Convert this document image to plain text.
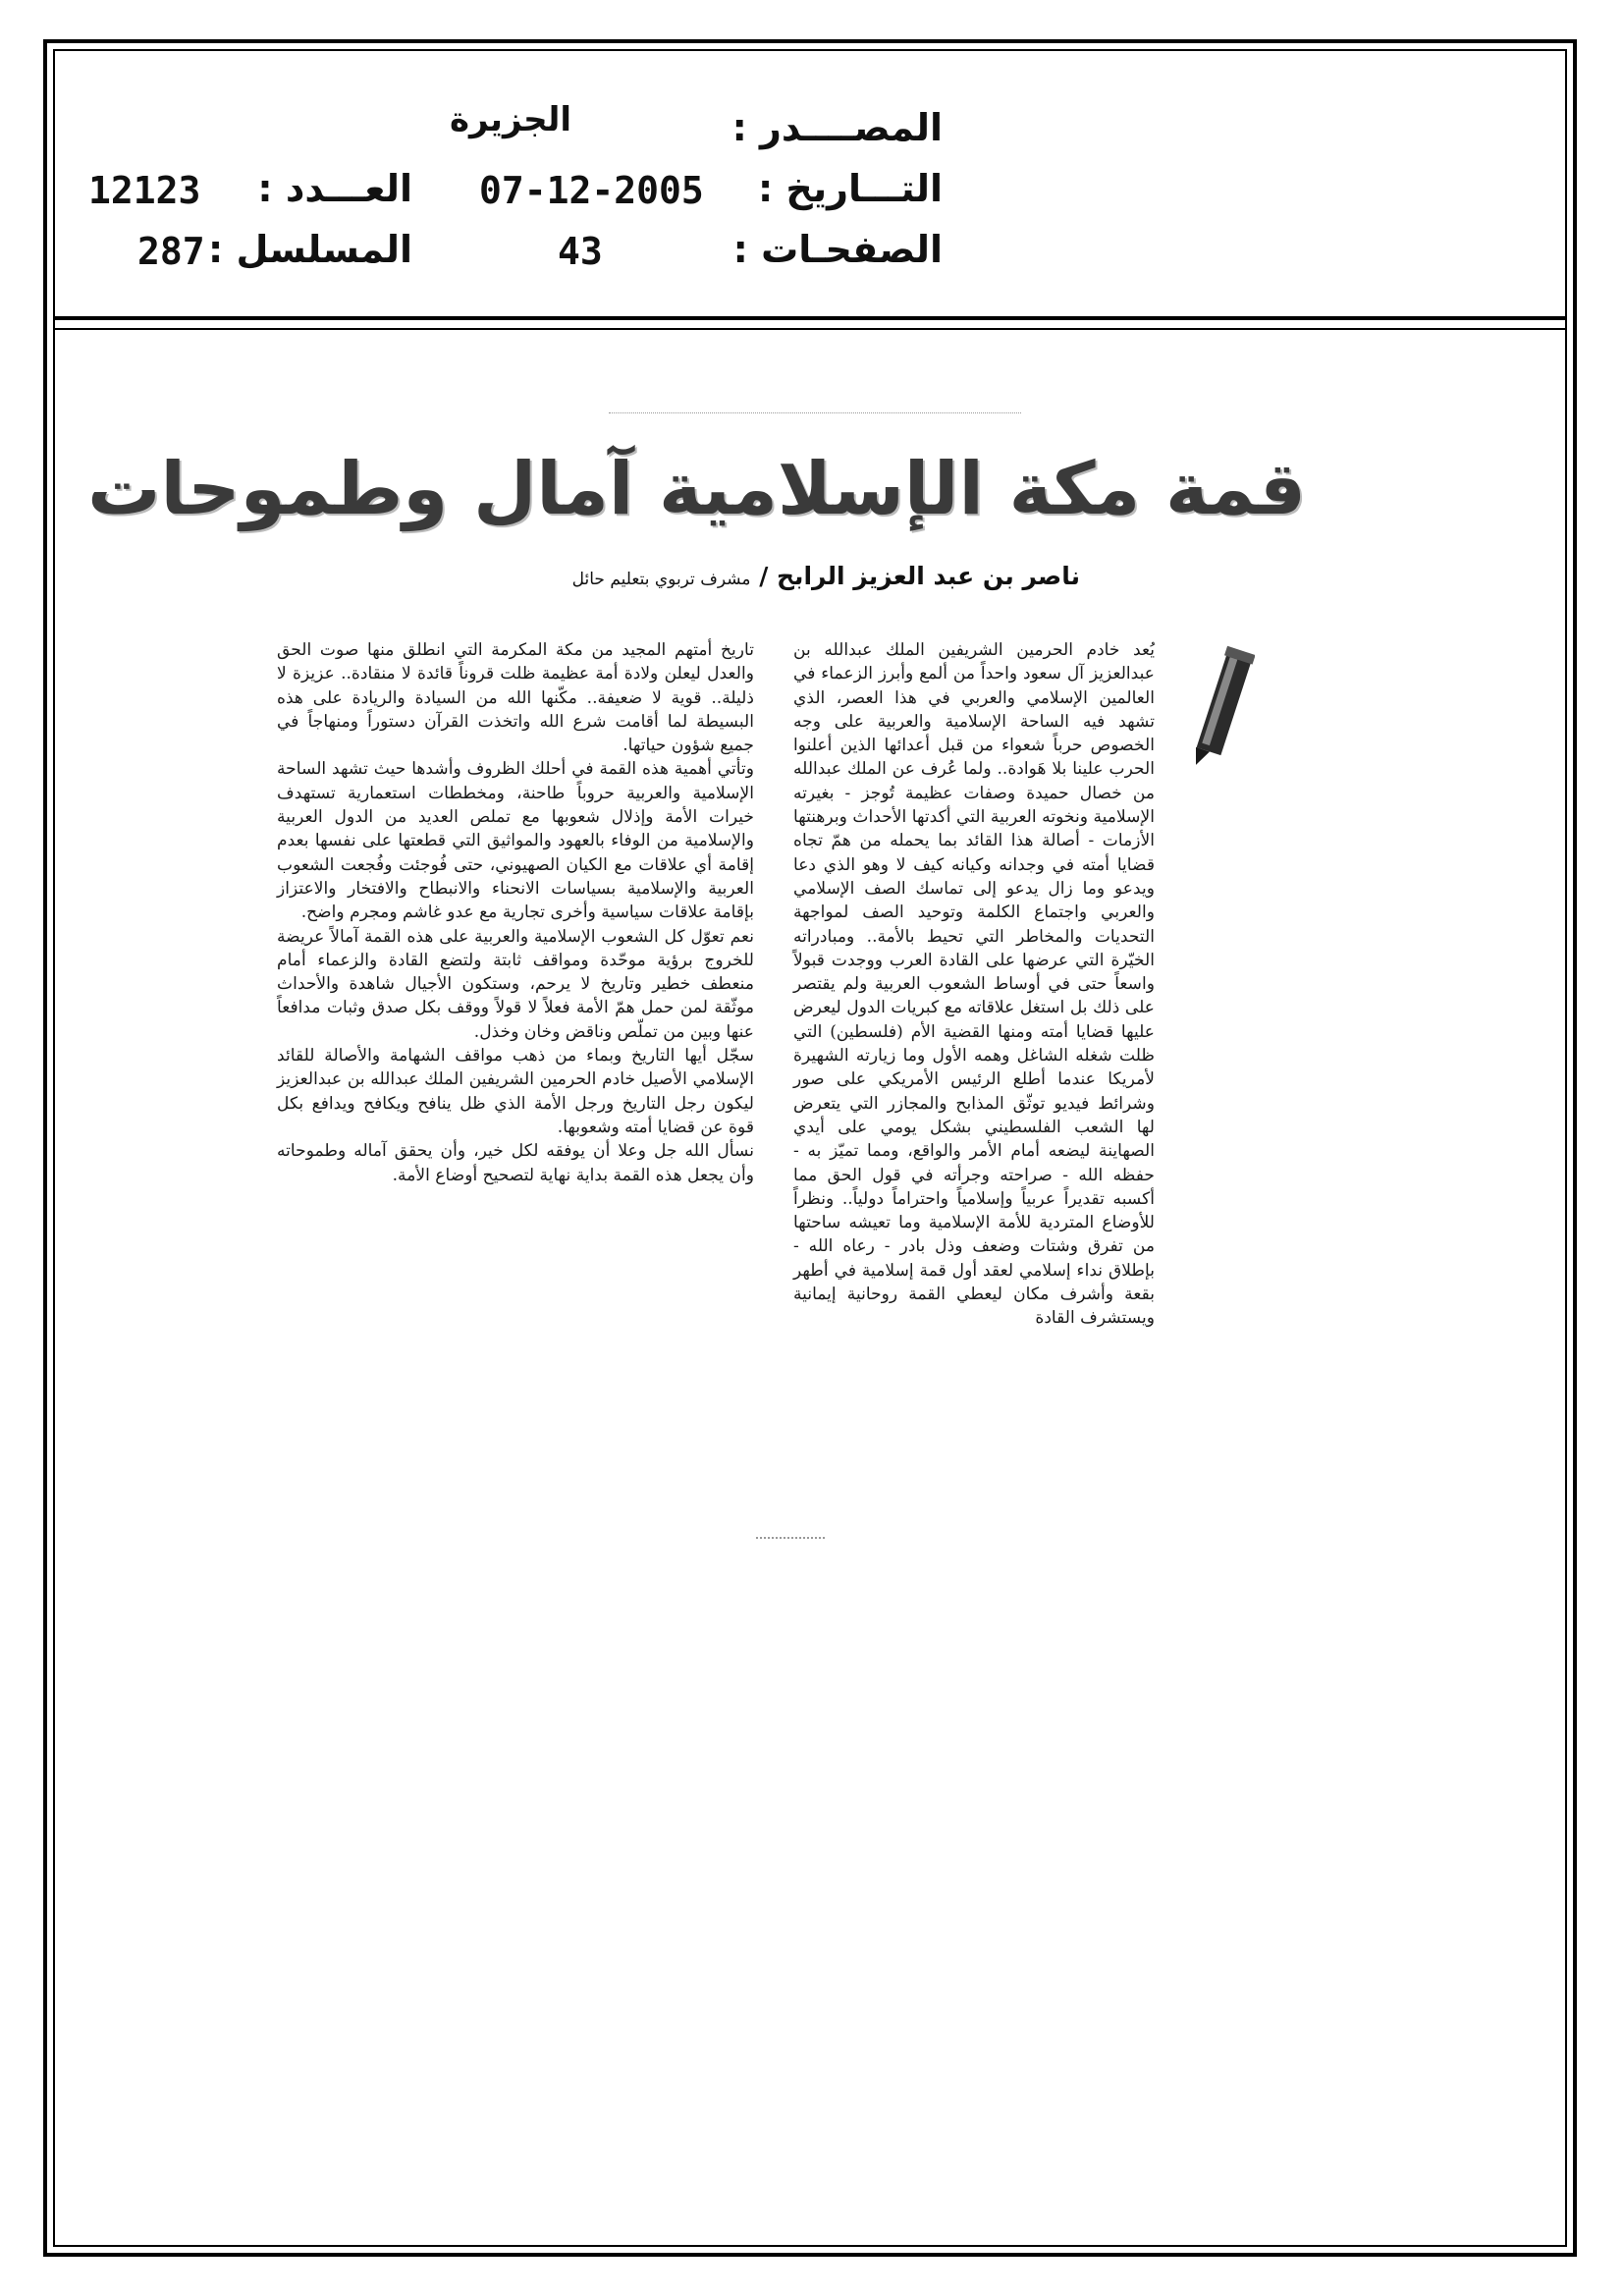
المصــــدر :
الجزيرة
التـــاريخ :
07-12-2005
العـــدد :
12123
الصفحـات :
43
المسلسل :
287
قمة مكة الإسلامية آمال وطموحات
ناصر بن عبد العزيز الرابح / مشرف تربوي بتعليم حائل

يُعد خادم الحرمين الشريفين الملك عبدالله بن عبدالعزيز آل سعود واحداً من ألمع وأبرز الزعماء في العالمين الإسلامي والعربي في هذا العصر، الذي تشهد فيه الساحة الإسلامية والعربية على وجه الخصوص حرباً شعواء من قبل أعدائها الذين أعلنوا الحرب علينا بلا هَوادة.. ولما عُرف عن الملك عبدالله من خصال حميدة وصفات عظيمة تُوجز - بغيرته الإسلامية ونخوته العربية التي أكدتها الأحداث وبرهنتها الأزمات - أصالة هذا القائد بما يحمله من همّ تجاه قضايا أمته في وجدانه وكيانه كيف لا وهو الذي دعا ويدعو وما زال يدعو إلى تماسك الصف الإسلامي والعربي واجتماع الكلمة وتوحيد الصف لمواجهة التحديات والمخاطر التي تحيط بالأمة.. ومبادراته الخيّرة التي عرضها على القادة العرب ووجدت قبولاً واسعاً حتى في أوساط الشعوب العربية ولم يقتصر على ذلك بل استغل علاقاته مع كبريات الدول ليعرض عليها قضايا أمته ومنها القضية الأم (فلسطين) التي ظلت شغله الشاغل وهمه الأول وما زيارته الشهيرة لأمريكا عندما أطلع الرئيس الأمريكي على صور وشرائط فيديو توثّق المذابح والمجازر التي يتعرض لها الشعب الفلسطيني بشكل يومي على أيدي الصهاينة ليضعه أمام الأمر والواقع، ومما تميّز به - حفظه الله - صراحته وجرأته في قول الحق مما أكسبه تقديراً عربياً وإسلامياً واحتراماً دولياً.. ونظراً للأوضاع المتردية للأمة الإسلامية وما تعيشه ساحتها من تفرق وشتات وضعف وذل بادر - رعاه الله - بإطلاق نداء إسلامي لعقد أول قمة إسلامية في أطهر بقعة وأشرف مكان ليعطي القمة روحانية إيمانية ويستشرف القادة

تاريخ أمتهم المجيد من مكة المكرمة التي انطلق منها صوت الحق والعدل ليعلن ولادة أمة عظيمة ظلت قروناً قائدة لا منقادة.. عزيزة لا ذليلة.. قوية لا ضعيفة.. مكّنها الله من السيادة والريادة على هذه البسيطة لما أقامت شرع الله واتخذت القرآن دستوراً ومنهاجاً في جميع شؤون حياتها.

وتأتي أهمية هذه القمة في أحلك الظروف وأشدها حيث تشهد الساحة الإسلامية والعربية حروباً طاحنة، ومخططات استعمارية تستهدف خيرات الأمة وإذلال شعوبها مع تملص العديد من الدول العربية والإسلامية من الوفاء بالعهود والمواثيق التي قطعتها على نفسها بعدم إقامة أي علاقات مع الكيان الصهيوني، حتى فُوجئت وفُجعت الشعوب العربية والإسلامية بسياسات الانحناء والانبطاح والافتخار والاعتزاز بإقامة علاقات سياسية وأخرى تجارية مع عدو غاشم ومجرم واضح.

نعم تعوّل كل الشعوب الإسلامية والعربية على هذه القمة آمالاً عريضة للخروج برؤية موحّدة ومواقف ثابتة ولتضع القادة والزعماء أمام منعطف خطير وتاريخ لا يرحم، وستكون الأجيال شاهدة والأحداث موثّقة لمن حمل همّ الأمة فعلاً لا قولاً ووقف بكل صدق وثبات مدافعاً عنها وبين من تملّص وناقض وخان وخذل.

سجّل أيها التاريخ وبماء من ذهب مواقف الشهامة والأصالة للقائد الإسلامي الأصيل خادم الحرمين الشريفين الملك عبدالله بن عبدالعزيز ليكون رجل التاريخ ورجل الأمة الذي ظل ينافح ويكافح ويدافع بكل قوة عن قضايا أمته وشعوبها.

نسأل الله جل وعلا أن يوفقه لكل خير، وأن يحقق آماله وطموحاته وأن يجعل هذه القمة بداية نهاية لتصحيح أوضاع الأمة.
